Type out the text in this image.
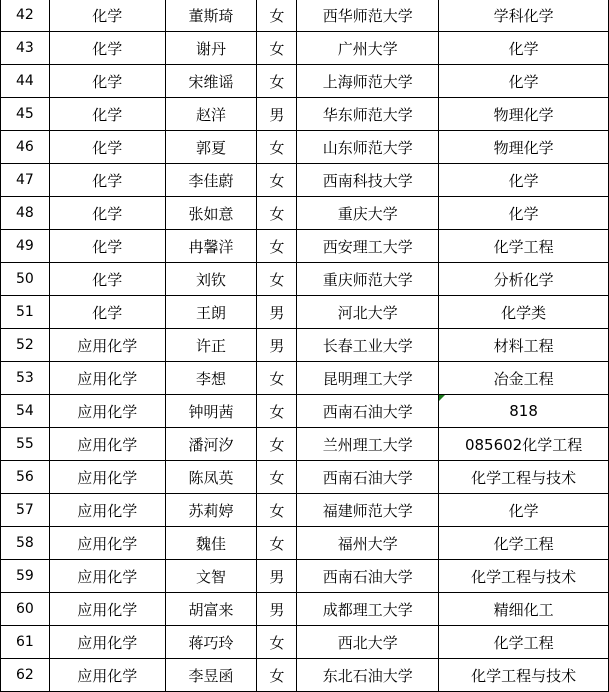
42	化学	董斯琦	女	西华师范大学	学科化学
43	化学	谢丹	女	广州大学	化学
44	化学	宋维谣	女	上海师范大学	化学
45	化学	赵洋	男	华东师范大学	物理化学
46	化学	郭夏	女	山东师范大学	物理化学
47	化学	李佳蔚	女	西南科技大学	化学
48	化学	张如意	女	重庆大学	化学
49	化学	冉馨洋	女	西安理工大学	化学工程
50	化学	刘钦	女	重庆师范大学	分析化学
51	化学	王朗	男	河北大学	化学类
52	应用化学	许正	男	长春工业大学	材料工程
53	应用化学	李想	女	昆明理工大学	冶金工程
54	应用化学	钟明茜	女	西南石油大学	818

55	应用化学	潘河汐	女	兰州理工大学	085602化学工程
56	应用化学	陈凤英	女	西南石油大学	化学工程与技术
57	应用化学	苏莉婷	女	福建师范大学	化学
58	应用化学	魏佳	女	福州大学	化学工程
59	应用化学	文智	男	西南石油大学	化学工程与技术
60	应用化学	胡富来	男	成都理工大学	精细化工
61	应用化学	蒋巧玲	女	西北大学	化学工程
62	应用化学	李昱函	女	东北石油大学	化学工程与技术
